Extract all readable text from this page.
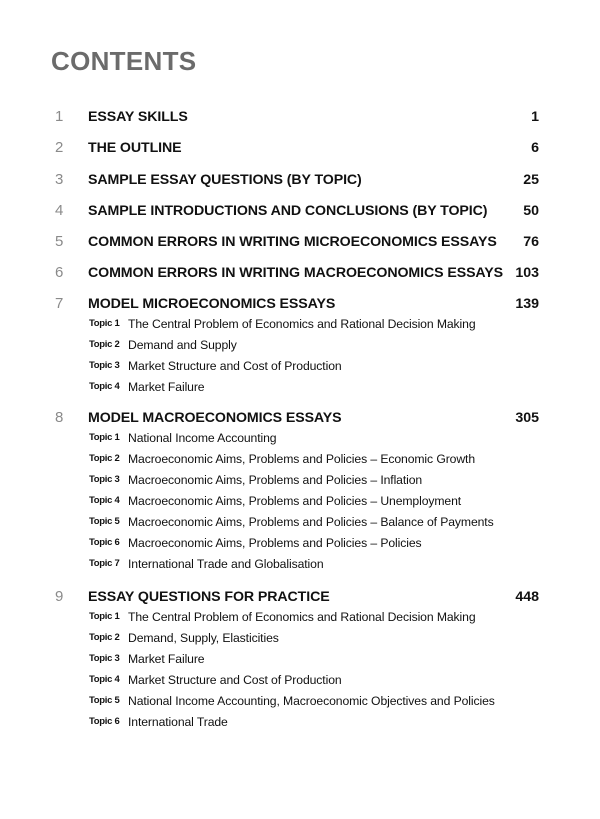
CONTENTS
1 ESSAY SKILLS	1
2 THE OUTLINE	6
3 SAMPLE ESSAY QUESTIONS (BY TOPIC)	25
4 SAMPLE INTRODUCTIONS AND CONCLUSIONS (BY TOPIC)	50
5 COMMON ERRORS IN WRITING MICROECONOMICS ESSAYS 76
6 COMMON ERRORS IN WRITING MACROECONOMICS ESSAYS 103
7 MODEL MICROECONOMICS ESSAYS	139
Topic 1 The Central Problem of Economics and Rational Decision Making
Topic 2 Demand and Supply
Topic 3 Market Structure and Cost of Production
Topic 4 Market Failure
8 MODEL MACROECONOMICS ESSAYS	305
Topic 1 National Income Accounting
Topic 2 Macroeconomic Aims, Problems and Policies – Economic Growth
Topic 3 Macroeconomic Aims, Problems and Policies – Inflation
Topic 4 Macroeconomic Aims, Problems and Policies – Unemployment
Topic 5 Macroeconomic Aims, Problems and Policies – Balance of Payments
Topic 6 Macroeconomic Aims, Problems and Policies – Policies
Topic 7 International Trade and Globalisation
9 ESSAY QUESTIONS FOR PRACTICE	448
Topic 1 The Central Problem of Economics and Rational Decision Making
Topic 2 Demand, Supply, Elasticities
Topic 3 Market Failure
Topic 4 Market Structure and Cost of Production
Topic 5 National Income Accounting, Macroeconomic Objectives and Policies
Topic 6 International Trade
